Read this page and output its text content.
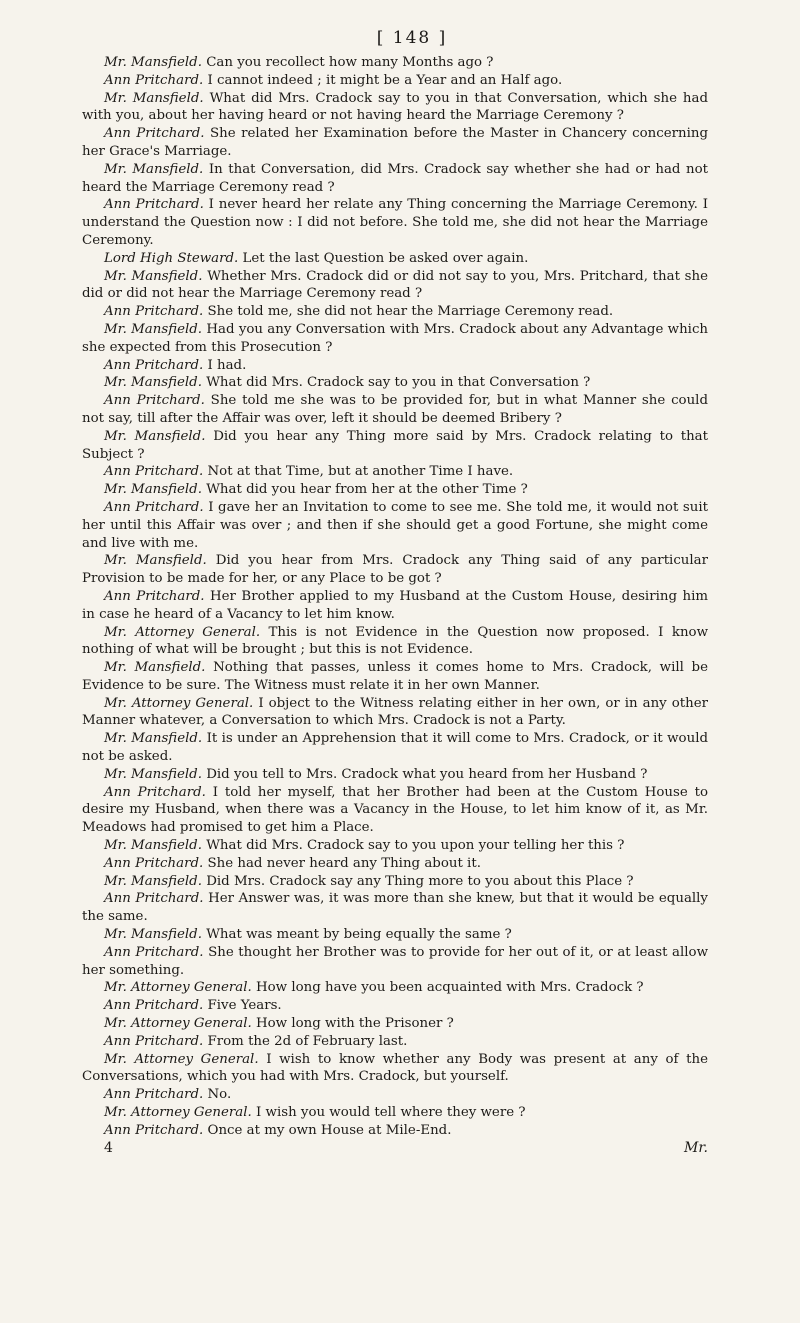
[ 148 ]

Mr. Mansfield. Can you recollect how many Months ago ?

Ann Pritchard. I cannot indeed ; it might be a Year and an Half ago.

Mr. Mansfield. What did Mrs. Cradock say to you in that Conversation, which she had with you, about her having heard or not having heard the Marriage Ceremony ?

Ann Pritchard. She related her Examination before the Master in Chancery concerning her Grace's Marriage.

Mr. Mansfield. In that Conversation, did Mrs. Cradock say whether she had or had not heard the Marriage Ceremony read ?

Ann Pritchard. I never heard her relate any Thing concerning the Marriage Ceremony. I understand the Question now : I did not before. She told me, she did not hear the Marriage Ceremony.

Lord High Steward. Let the last Question be asked over again.

Mr. Mansfield. Whether Mrs. Cradock did or did not say to you, Mrs. Pritchard, that she did or did not hear the Marriage Ceremony read ?

Ann Pritchard. She told me, she did not hear the Marriage Ceremony read.

Mr. Mansfield. Had you any Conversation with Mrs. Cradock about any Advantage which she expected from this Prosecution ?

Ann Pritchard. I had.

Mr. Mansfield. What did Mrs. Cradock say to you in that Conversation ?

Ann Pritchard. She told me she was to be provided for, but in what Manner she could not say, till after the Affair was over, left it should be deemed Bribery ?

Mr. Mansfield. Did you hear any Thing more said by Mrs. Cradock relating to that Subject ?

Ann Pritchard. Not at that Time, but at another Time I have.

Mr. Mansfield. What did you hear from her at the other Time ?

Ann Pritchard. I gave her an Invitation to come to see me. She told me, it would not suit her until this Affair was over ; and then if she should get a good Fortune, she might come and live with me.

Mr. Mansfield. Did you hear from Mrs. Cradock any Thing said of any particular Provision to be made for her, or any Place to be got ?

Ann Pritchard. Her Brother applied to my Husband at the Custom House, desiring him in case he heard of a Vacancy to let him know.

Mr. Attorney General. This is not Evidence in the Question now proposed. I know nothing of what will be brought ; but this is not Evidence.

Mr. Mansfield. Nothing that passes, unless it comes home to Mrs. Cradock, will be Evidence to be sure. The Witness must relate it in her own Manner.

Mr. Attorney General. I object to the Witness relating either in her own, or in any other Manner whatever, a Conversation to which Mrs. Cradock is not a Party.

Mr. Mansfield. It is under an Apprehension that it will come to Mrs. Cradock, or it would not be asked.

Mr. Mansfield. Did you tell to Mrs. Cradock what you heard from her Husband ?

Ann Pritchard. I told her myself, that her Brother had been at the Custom House to desire my Husband, when there was a Vacancy in the House, to let him know of it, as Mr. Meadows had promised to get him a Place.

Mr. Mansfield. What did Mrs. Cradock say to you upon your telling her this ?

Ann Pritchard. She had never heard any Thing about it.

Mr. Mansfield. Did Mrs. Cradock say any Thing more to you about this Place ?

Ann Pritchard. Her Answer was, it was more than she knew, but that it would be equally the same.

Mr. Mansfield. What was meant by being equally the same ?

Ann Pritchard. She thought her Brother was to provide for her out of it, or at least allow her something.

Mr. Attorney General. How long have you been acquainted with Mrs. Cradock ?

Ann Pritchard. Five Years.

Mr. Attorney General. How long with the Prisoner ?

Ann Pritchard. From the 2d of February last.

Mr. Attorney General. I wish to know whether any Body was present at any of the Conversations, which you had with Mrs. Cradock, but yourself.

Ann Pritchard. No.

Mr. Attorney General. I wish you would tell where they were ?

Ann Pritchard. Once at my own House at Mile-End.

4	Mr.
